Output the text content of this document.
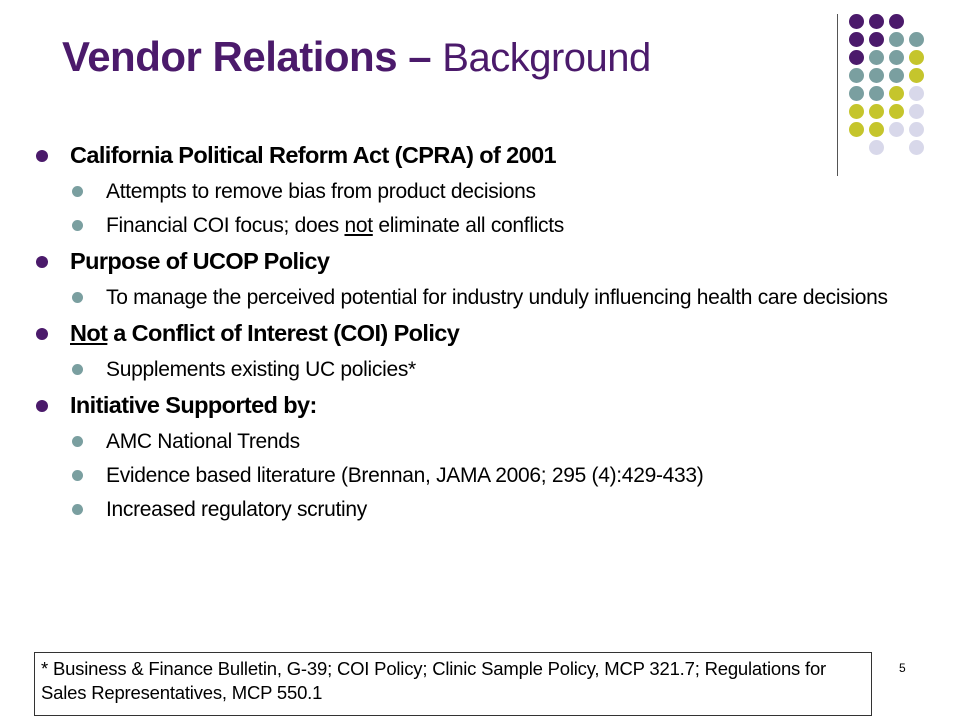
Vendor Relations – Background
California Political Reform Act (CPRA) of 2001
Attempts to remove bias from product decisions
Financial COI focus; does not eliminate all conflicts
Purpose of UCOP Policy
To manage the perceived potential for industry unduly influencing health care decisions
Not a Conflict of Interest (COI) Policy
Supplements existing UC policies*
Initiative Supported by:
AMC National Trends
Evidence based literature (Brennan, JAMA 2006; 295 (4):429-433)
Increased regulatory scrutiny
* Business & Finance Bulletin, G-39; COI Policy; Clinic Sample Policy, MCP 321.7; Regulations for Sales Representatives, MCP 550.1
5
